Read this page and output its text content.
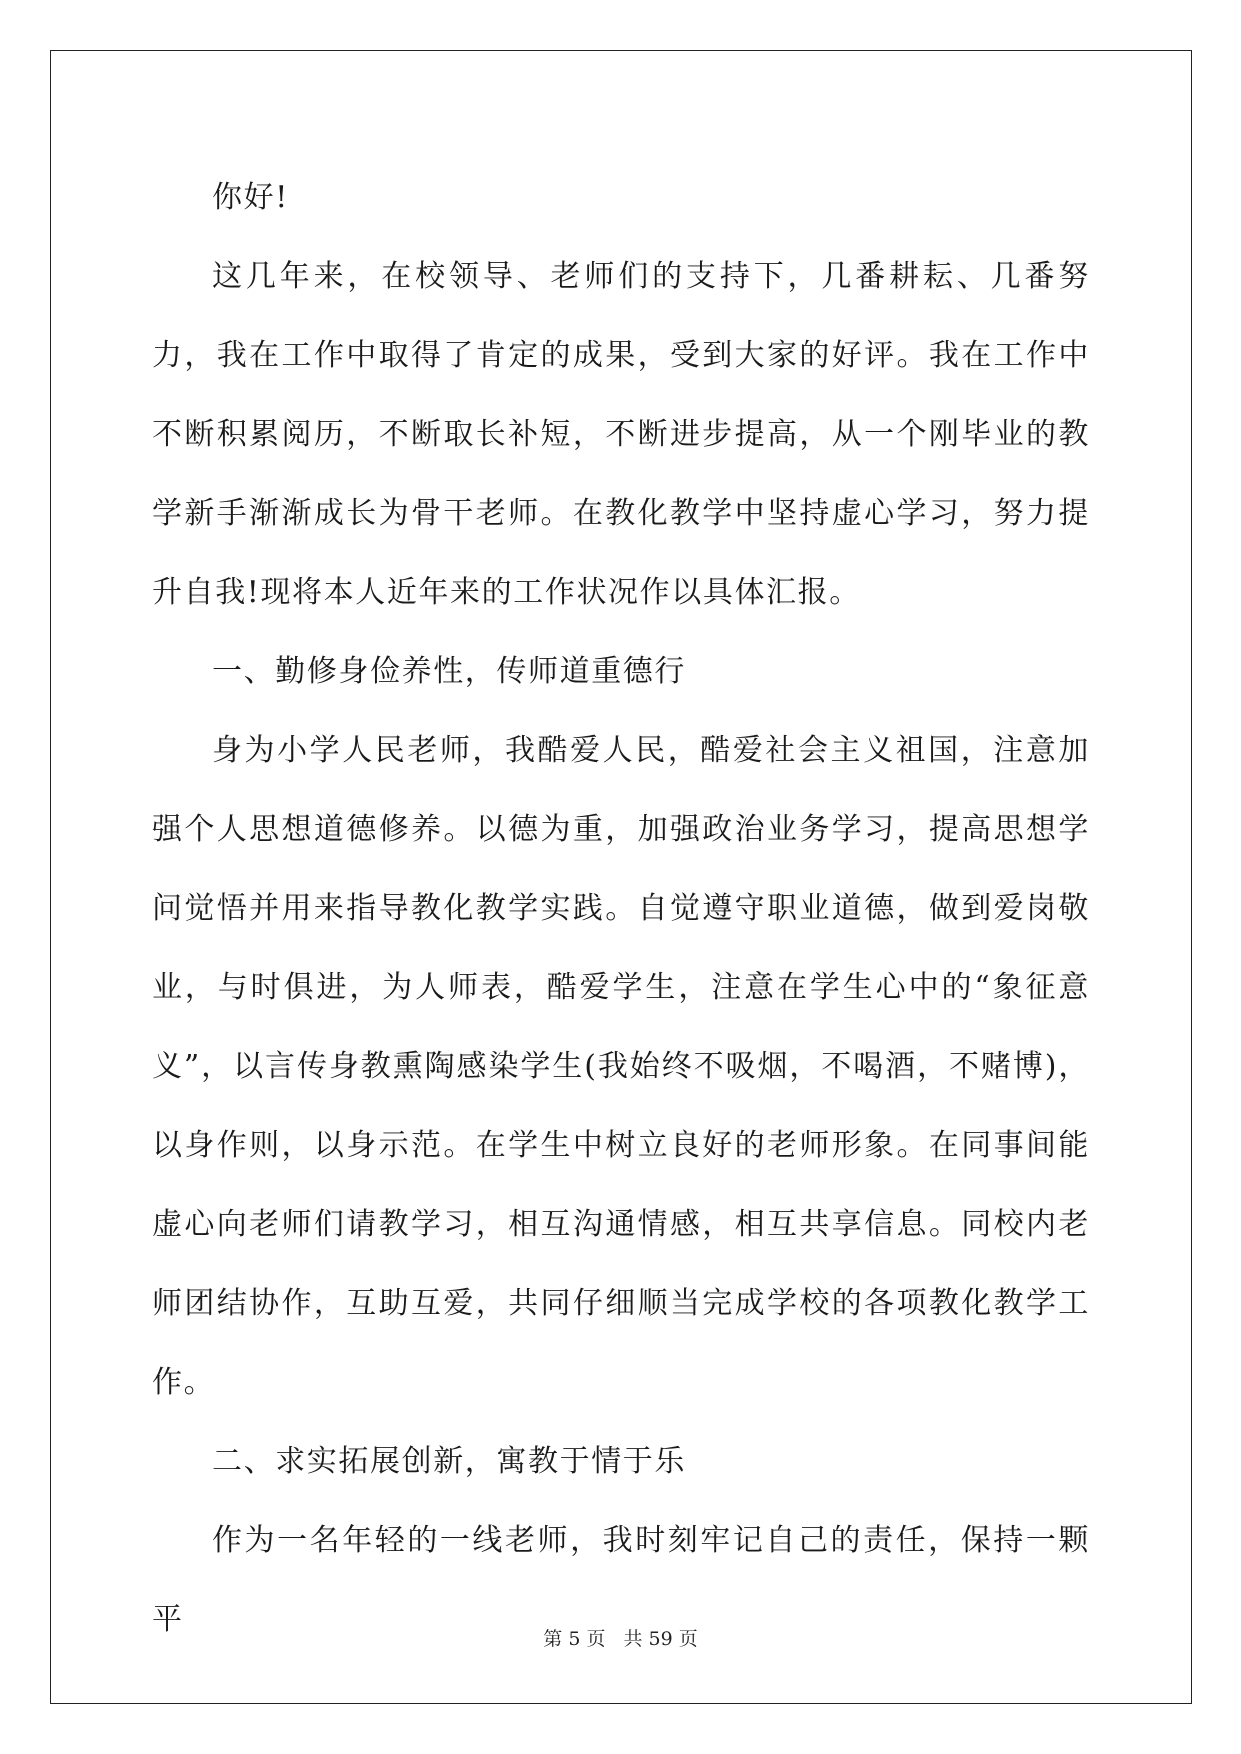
你好!

这几年来，在校领导、老师们的支持下，几番耕耘、几番努力，我在工作中取得了肯定的成果，受到大家的好评。我在工作中不断积累阅历，不断取长补短，不断进步提高，从一个刚毕业的教学新手渐渐成长为骨干老师。在教化教学中坚持虚心学习，努力提升自我!现将本人近年来的工作状况作以具体汇报。

一、勤修身俭养性，传师道重德行

身为小学人民老师，我酷爱人民，酷爱社会主义祖国，注意加强个人思想道德修养。以德为重，加强政治业务学习，提高思想学问觉悟并用来指导教化教学实践。自觉遵守职业道德，做到爱岗敬业，与时俱进，为人师表，酷爱学生，注意在学生心中的“象征意义”，以言传身教熏陶感染学生(我始终不吸烟，不喝酒，不赌博)，以身作则，以身示范。在学生中树立良好的老师形象。在同事间能虚心向老师们请教学习，相互沟通情感，相互共享信息。同校内老师团结协作，互助互爱，共同仔细顺当完成学校的各项教化教学工作。

二、求实拓展创新，寓教于情于乐

作为一名年轻的一线老师，我时刻牢记自己的责任，保持一颗平

第 5 页 共 59 页
